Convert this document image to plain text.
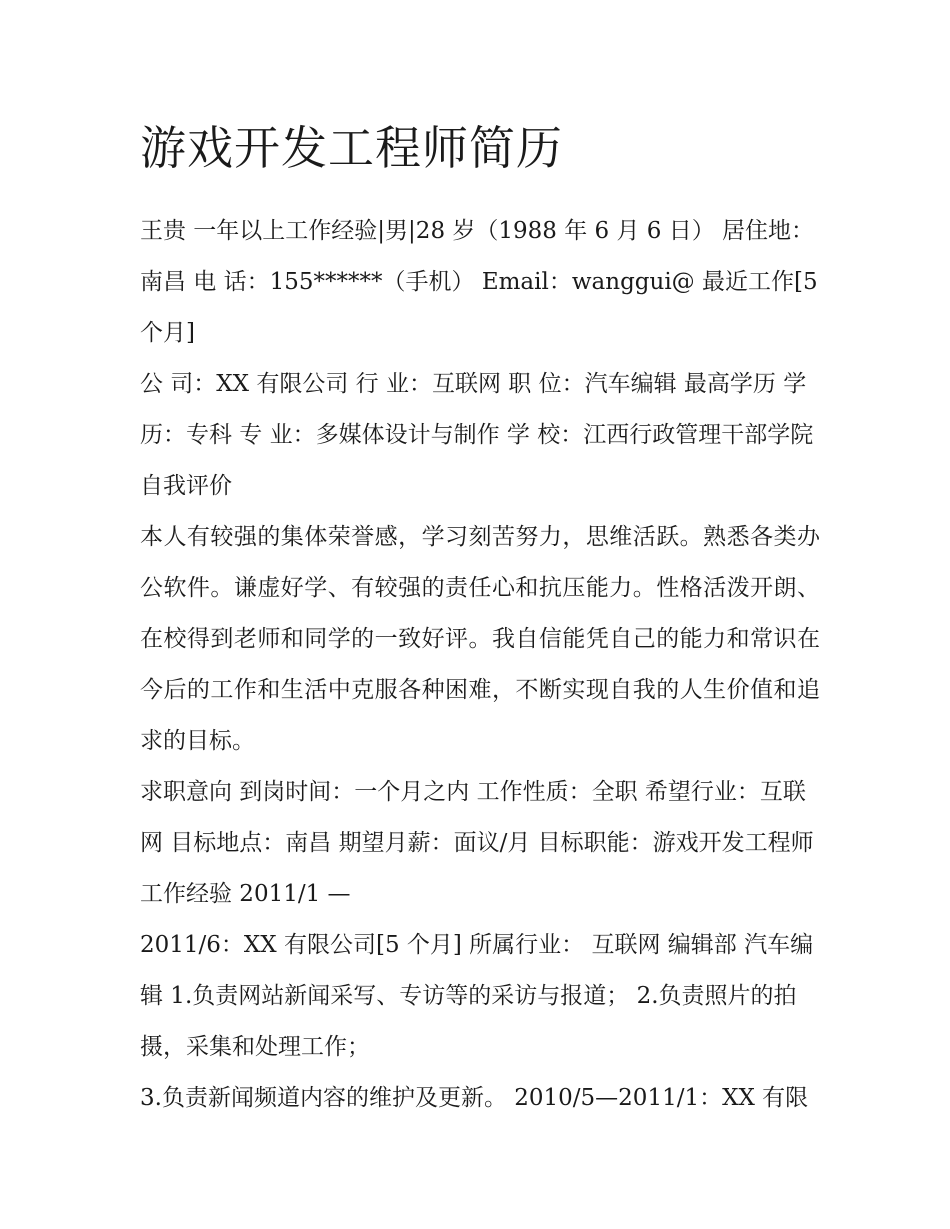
游戏开发工程师简历

王贵 一年以上工作经验|男|28 岁（1988 年 6 月 6 日） 居住地：南昌 电 话：155******（手机） Email：wanggui@ 最近工作[5 个月]

公 司：XX 有限公司 行 业：互联网 职 位：汽车编辑 最高学历 学 历：专科 专 业：多媒体设计与制作 学 校：江西行政管理干部学院 自我评价

本人有较强的集体荣誉感，学习刻苦努力，思维活跃。熟悉各类办公软件。谦虚好学、有较强的责任心和抗压能力。性格活泼开朗、在校得到老师和同学的一致好评。我自信能凭自己的能力和常识在今后的工作和生活中克服各种困难，不断实现自我的人生价值和追求的目标。

求职意向 到岗时间：一个月之内 工作性质：全职 希望行业：互联网 目标地点：南昌 期望月薪：面议/月 目标职能：游戏开发工程师 工作经验 2011/1 —

2011/6：XX 有限公司[5 个月] 所属行业： 互联网 编辑部 汽车编辑 1.负责网站新闻采写、专访等的采访与报道； 2.负责照片的拍摄，采集和处理工作；

3.负责新闻频道内容的维护及更新。 2010/5—2011/1：XX 有限
